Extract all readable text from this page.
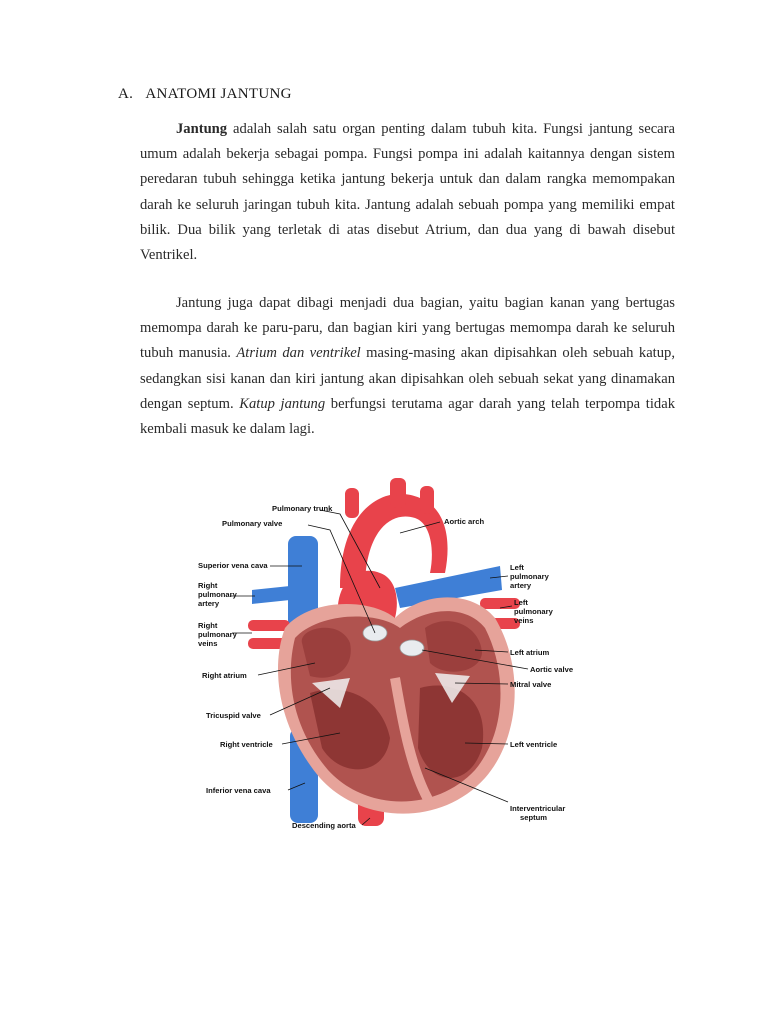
A. ANATOMI JANTUNG
Jantung adalah salah satu organ penting dalam tubuh kita. Fungsi jantung secara umum adalah bekerja sebagai pompa. Fungsi pompa ini adalah kaitannya dengan sistem peredaran tubuh sehingga ketika jantung bekerja untuk dan dalam rangka memompakan darah ke seluruh jaringan tubuh kita. Jantung adalah sebuah pompa yang memiliki empat bilik. Dua bilik yang terletak di atas disebut Atrium, dan dua yang di bawah disebut Ventrikel.
Jantung juga dapat dibagi menjadi dua bagian, yaitu bagian kanan yang bertugas memompa darah ke paru-paru, dan bagian kiri yang bertugas memompa darah ke seluruh tubuh manusia. Atrium dan ventrikel masing-masing akan dipisahkan oleh sebuah katup, sedangkan sisi kanan dan kiri jantung akan dipisahkan oleh sebuah sekat yang dinamakan dengan septum. Katup jantung berfungsi terutama agar darah yang telah terpompa tidak kembali masuk ke dalam lagi.
Pulmonary trunk
Pulmonary valve
Superior vena cava
Right
pulmonary
artery
Right
pulmonary
veins
Right atrium
Tricuspid valve
Right ventricle
Inferior vena cava
Descending aorta
Aortic arch
Left
pulmonary
artery
Left
pulmonary
veins
Left atrium
Aortic valve
Mitral valve
Left ventricle
Interventricular
septum
